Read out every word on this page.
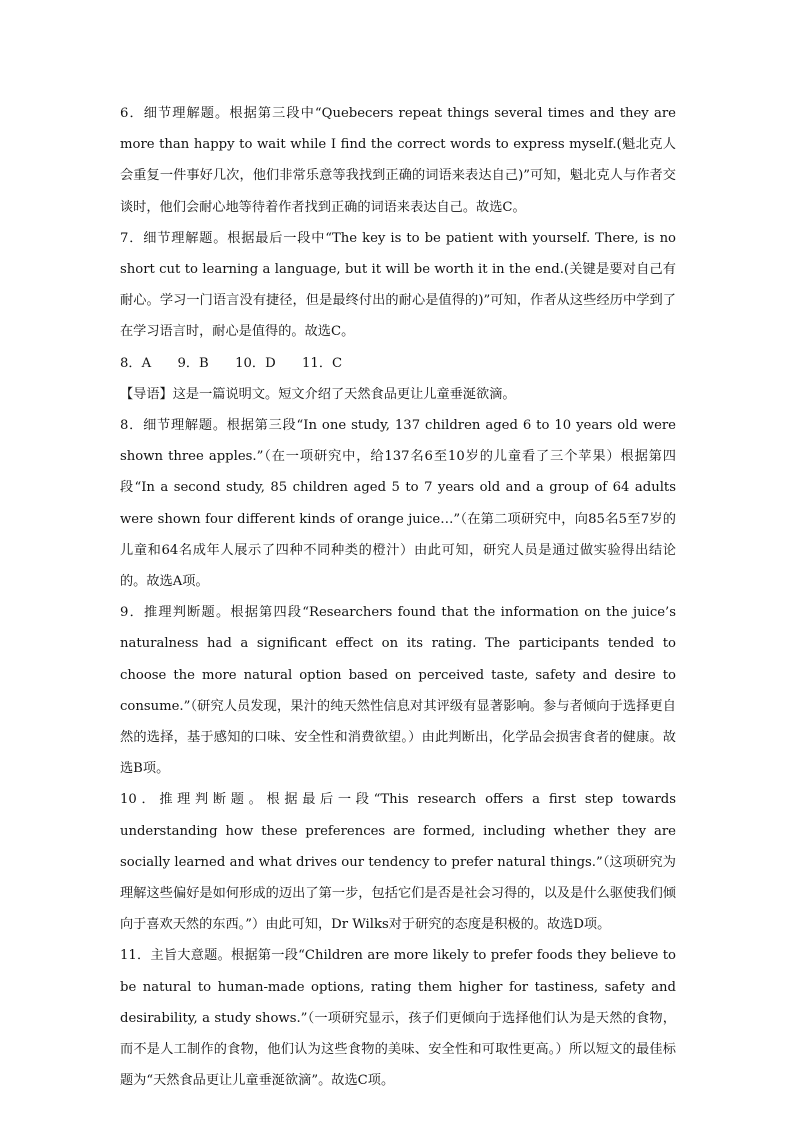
6．细节理解题。根据第三段中“Quebecers repeat things several times and they are more than happy to wait while I find the correct words to express myself.(魁北克人会重复一件事好几次，他们非常乐意等我找到正确的词语来表达自己)”可知，魁北克人与作者交谈时，他们会耐心地等待着作者找到正确的词语来表达自己。故选C。

7．细节理解题。根据最后一段中“The key is to be patient with yourself. There, is no short cut to learning a language, but it will be worth it in the end.(关键是要对自己有耐心。学习一门语言没有捷径，但是最终付出的耐心是值得的)”可知，作者从这些经历中学到了在学习语言时，耐心是值得的。故选C。

8．A　　9．B　　10．D　　11．C

【导语】这是一篇说明文。短文介绍了天然食品更让儿童垂涎欲滴。

8．细节理解题。根据第三段“In one study, 137 children aged 6 to 10 years old were shown three apples.”（在一项研究中，给137名6至10岁的儿童看了三个苹果）根据第四段“In a second study, 85 children aged 5 to 7 years old and a group of 64 adults were shown four different kinds of orange juice…”（在第二项研究中，向85名5至7岁的儿童和64名成年人展示了四种不同种类的橙汁）由此可知，研究人员是通过做实验得出结论的。故选A项。

9．推理判断题。根据第四段“Researchers found that the information on the juice’s naturalness had a significant effect on its rating. The participants tended to choose the more natural option based on perceived taste, safety and desire to consume.”（研究人员发现，果汁的纯天然性信息对其评级有显著影响。参与者倾向于选择更自然的选择，基于感知的口味、安全性和消费欲望。）由此判断出，化学品会损害食者的健康。故选B项。

10．推理判断题。根据最后一段“This research offers a first step towards understanding how these preferences are formed, including whether they are socially learned and what drives our tendency to prefer natural things.”（这项研究为理解这些偏好是如何形成的迈出了第一步，包括它们是否是社会习得的，以及是什么驱使我们倾向于喜欢天然的东西。”）由此可知，Dr Wilks对于研究的态度是积极的。故选D项。

11．主旨大意题。根据第一段“Children are more likely to prefer foods they believe to be natural to human-made options, rating them higher for tastiness, safety and desirability, a study shows.”（一项研究显示，孩子们更倾向于选择他们认为是天然的食物，而不是人工制作的食物，他们认为这些食物的美味、安全性和可取性更高。）所以短文的最佳标题为“天然食品更让儿童垂涎欲滴”。故选C项。
